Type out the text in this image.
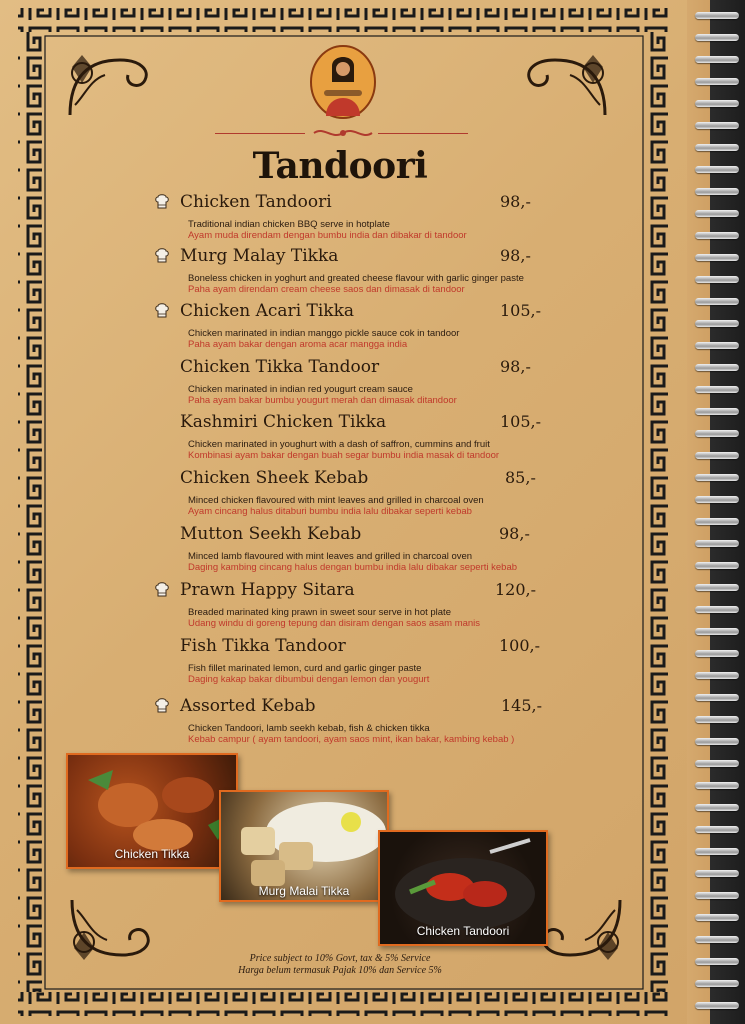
Tandoori
Chicken Tandoori	98,-
Traditional indian chicken BBQ serve in hotplate
Ayam muda direndam dengan bumbu india dan dibakar di tandoor
Murg Malay Tikka	98,-
Boneless chicken in yoghurt and greated cheese flavour with garlic ginger paste
Paha ayam direndam cream cheese saos dan dimasak di tandoor
Chicken Acari Tikka	105,-
Chicken marinated in indian manggo pickle sauce cok in tandoor
Paha ayam bakar dengan aroma acar mangga india
Chicken Tikka Tandoor	98,-
Chicken marinated in indian red yougurt cream sauce
Paha ayam bakar bumbu yougurt merah dan dimasak ditandoor
Kashmiri Chicken Tikka	105,-
Chicken marinated in youghurt with a dash of saffron, cummins and fruit
Kombinasi ayam bakar dengan buah segar bumbu india masak di tandoor
Chicken Sheek Kebab	85,-
Minced chicken flavoured with mint leaves and grilled in charcoal oven
Ayam cincang halus ditaburi bumbu india lalu dibakar seperti kebab
Mutton Seekh Kebab	98,-
Minced lamb flavoured with mint leaves and grilled in charcoal oven
Daging kambing cincang halus dengan bumbu india lalu dibakar seperti kebab
Prawn Happy Sitara	120,-
Breaded marinated king prawn in sweet sour serve in hot plate
Udang windu di goreng tepung dan disiram dengan saos asam manis
Fish Tikka Tandoor	100,-
Fish fillet marinated lemon, curd and garlic ginger paste
Daging kakap bakar dibumbui dengan lemon dan yougurt
Assorted Kebab	145,-
Chicken Tandoori, lamb seekh kebab, fish & chicken tikka
Kebab campur ( ayam tandoori, ayam saos mint, ikan bakar, kambing kebab )
Chicken Tikka
Murg Malai Tikka
Chicken Tandoori
Price subject to 10% Govt, tax & 5% Service
Harga belum termasuk Pajak 10% dan Service 5%
